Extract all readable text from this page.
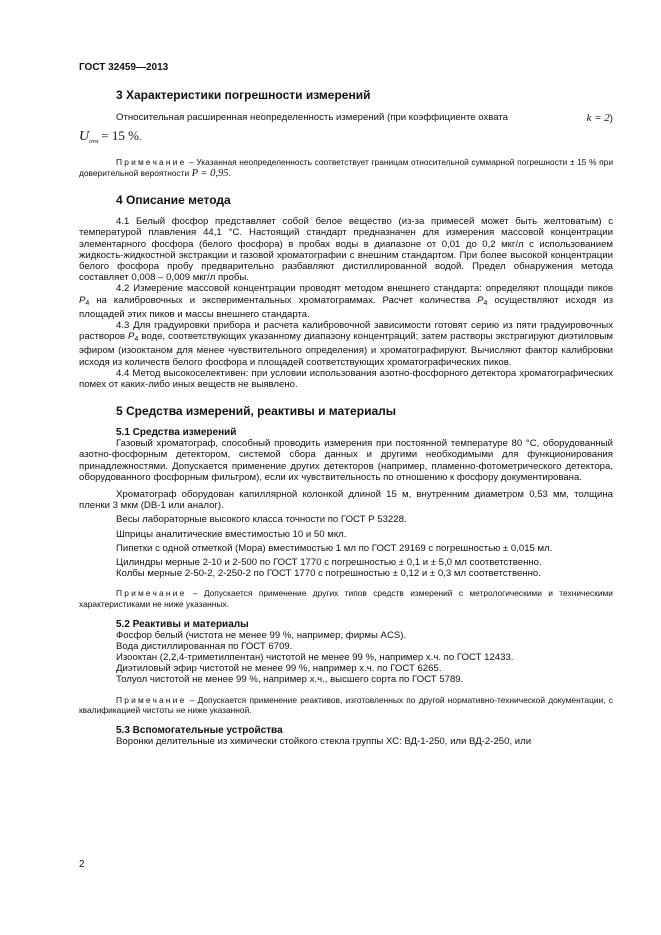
ГОСТ 32459—2013
3 Характеристики погрешности измерений

Относительная расширенная неопределенность измерений (при коэффициенте охвата	k = 2)

$U_{отн} = 15$ %.

Примечание – Указанная неопределенность соответствует границам относительной суммарной погрешности ± 15 % при доверительной вероятности P = 0,95.

4 Описание метода

4.1 Белый фосфор представляет собой белое вещество (из-за примесей может быть желтоватым) с температурой плавления 44,1 °С. Настоящий стандарт предназначен для измерения массовой концентрации элементарного фосфора (белого фосфора) в пробах воды в диапазоне от 0,01 до 0,2 мкг/л с использованием жидкость-жидкостной экстракции и газовой хроматографии с внешним стандартом. При более высокой концентрации белого фосфора пробу предварительно разбавляют дистиллированной водой. Предел обнаружения метода составляет 0,008 – 0,009 мкг/л пробы.

4.2 Измерение массовой концентрации проводят методом внешнего стандарта: определяют площади пиков $P_4$ на калибровочных и экспериментальных хроматограммах. Расчет количества $P_4$ осуществляют исходя из площадей этих пиков и массы внешнего стандарта.

4.3 Для градуировки прибора и расчета калибровочной зависимости готовят серию из пяти градуировочных растворов $P_4$ воде, соответствующих указанному диапазону концентраций; затем растворы экстрагируют диэтиловым эфиром (изооктаном для менее чувствительного определения) и хроматографируют. Вычисляют фактор калибровки исходя из количеств белого фосфора и площадей соответствующих хроматографических пиков.

4.4 Метод высокоселективен: при условии использования азотно-фосфорного детектора хроматографических помех от каких-либо иных веществ не выявлено.

5 Средства измерений, реактивы и материалы
5.1 Средства измерений

Газовый хроматограф, способный проводить измерения при постоянной температуре 80 °С, оборудованный азотно-фосфорным детектором, системой сбора данных и другими необходимыми для функционирования принадлежностями. Допускается применение других детекторов (например, пламенно-фотометрического детектора, оборудованного фосфорным фильтром), если их чувствительность по отношению к фосфору документирована.

Хроматограф оборудован капиллярной колонкой длиной 15 м, внутренним диаметром 0,53 мм, толщина пленки 3 мкм (DB-1 или аналог).

Весы лабораторные высокого класса точности по ГОСТ Р 53228.

Шприцы аналитические вместимостью 10 и 50 мкл.

Пипетки с одной отметкой (Мора) вместимостью 1 мл по ГОСТ 29169 с погрешностью ± 0,015 мл.

Цилиндры мерные 2-10 и 2-500 по ГОСТ 1770 с погрешностью ± 0,1 и ± 5,0 мл соответственно.

Колбы мерные 2-50-2, 2-250-2 по ГОСТ 1770 с погрешностью ± 0,12 и ± 0,3 мл соответственно.

Примечание – Допускается применение других типов средств измерений с метрологическими и техническими характеристиками не ниже указанных.

5.2 Реактивы и материалы

Фосфор белый (чистота не менее 99 %, например, фирмы ACS).

Вода дистиллированная по ГОСТ 6709.

Изооктан (2,2,4-триметилпентан) чистотой не менее 99 %, например х.ч. по ГОСТ 12433.

Диэтиловый эфир чистотой не менее 99 %, например х.ч. по ГОСТ 6265.

Толуол чистотой не менее 99 %, например х.ч., высшего сорта по ГОСТ 5789.

Примечание – Допускается применение реактивов, изготовленных по другой нормативно-технической документации, с квалификацией чистоты не ниже указанной.

5.3 Вспомогательные устройства

Воронки делительные из химически стойкого стекла группы ХС: ВД-1-250, или ВД-2-250, или

2
